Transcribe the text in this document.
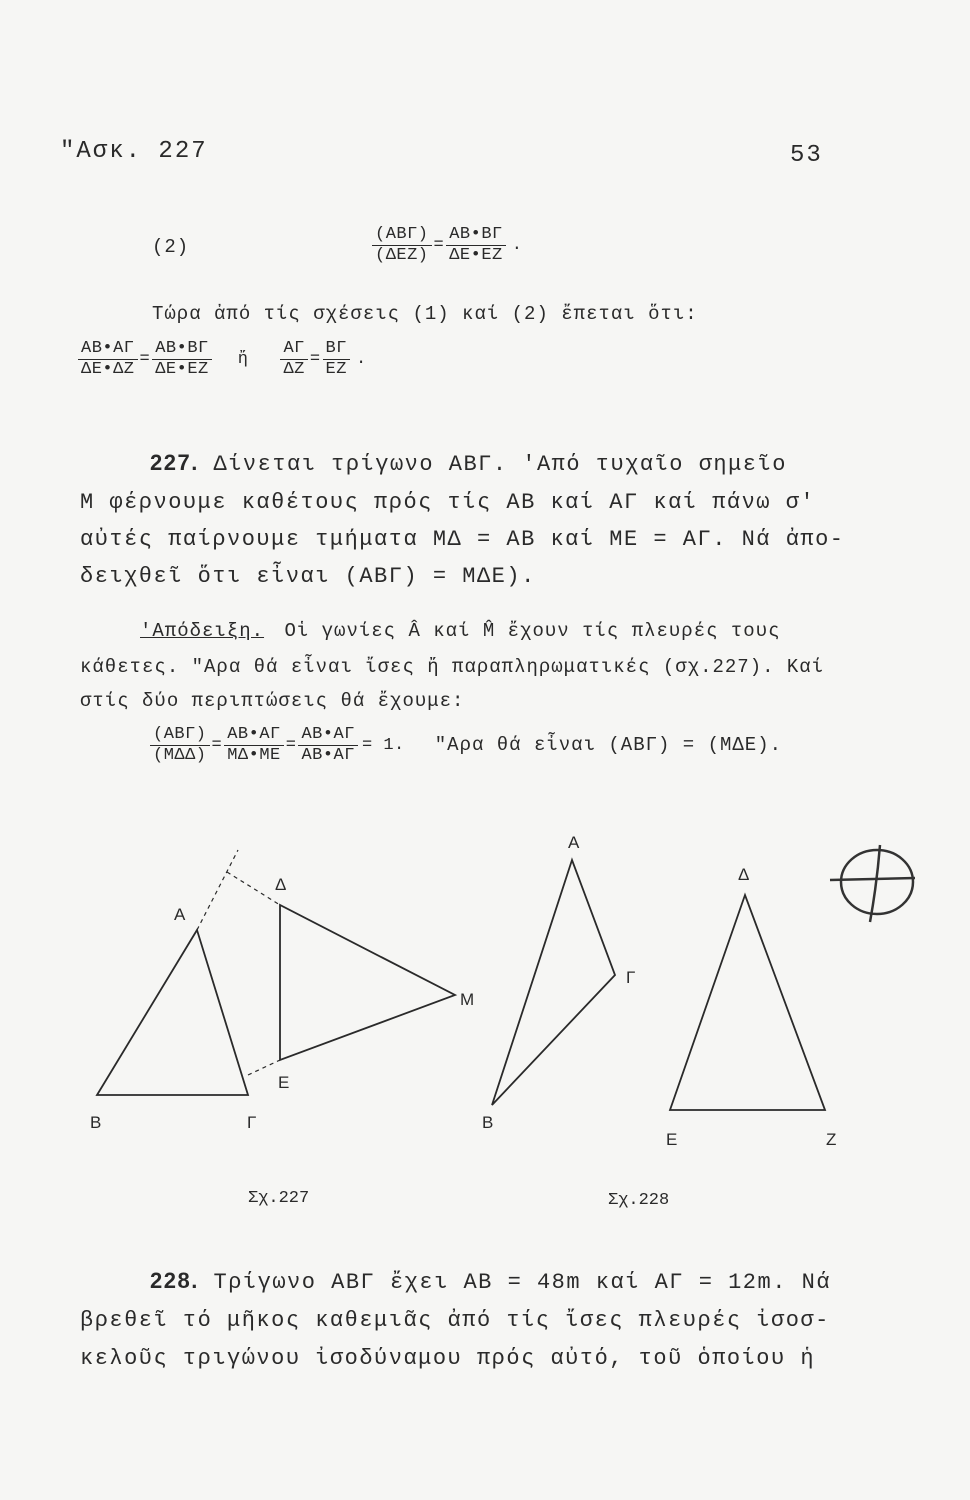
"Ασκ. 227	53
(2)	$\frac{\text{(ΑΒΓ)}}{\text{(ΔΕΖ)}} = \frac{AB•B\Gamma}{\Delta E•EZ}$ .
Τώρα ἀπό τίς σχέσεις (1) καί (2) ἔπεται ὅτι:
$\frac{AB•A\Gamma}{\Delta E•\Delta Z} = \frac{AB•B\Gamma}{\Delta E•EZ}$ ἤ $\frac{A\Gamma}{\Delta Z} = \frac{B\Gamma}{EZ}$ .
227. Δίνεται τρίγωνο ΑΒΓ. 'Από τυχαῖο σημεῖο
Μ φέρνουμε καθέτους πρός τίς ΑΒ καί ΑΓ καί πάνω σ'
αὐτές παίρνουμε τμήματα ΜΔ = ΑΒ καί ΜΕ = ΑΓ. Νά ἀπο-
δειχθεῖ ὅτι εἶναι (ΑΒΓ) = ΜΔΕ).
'Απόδειξη. Οἱ γωνίες Â καί M̂ ἔχουν τίς πλευρές τους
κάθετες. "Αρα θά εἶναι ἴσες ἤ παραπληρωματικές (σχ.227). Καί
στίς δύο περιπτώσεις θά ἔχουμε:
$\frac{\text{(ΑΒΓ)}}{\text{(ΜΔΔ)}} = \frac{AB•A\Gamma}{M\Delta•ME} = \frac{AB•A\Gamma}{AB•A\Gamma} = 1$. "Αρα θά εἶναι (ΑΒΓ) = (ΜΔΕ).
Α
Β	Γ
Δ
Ε
Μ
Α
Β
Γ
Δ
Ε	Ζ
Σχ.227	Σχ.228
228. Τρίγωνο ΑΒΓ ἔχει ΑΒ = 48m καί ΑΓ = 12m. Νά
βρεθεῖ τό μῆκος καθεμιᾶς ἀπό τίς ἴσες πλευρές ἰσοσ-
κελοῦς τριγώνου ἰσοδύναμου πρός αὐτό, τοῦ ὁποίου ἡ
